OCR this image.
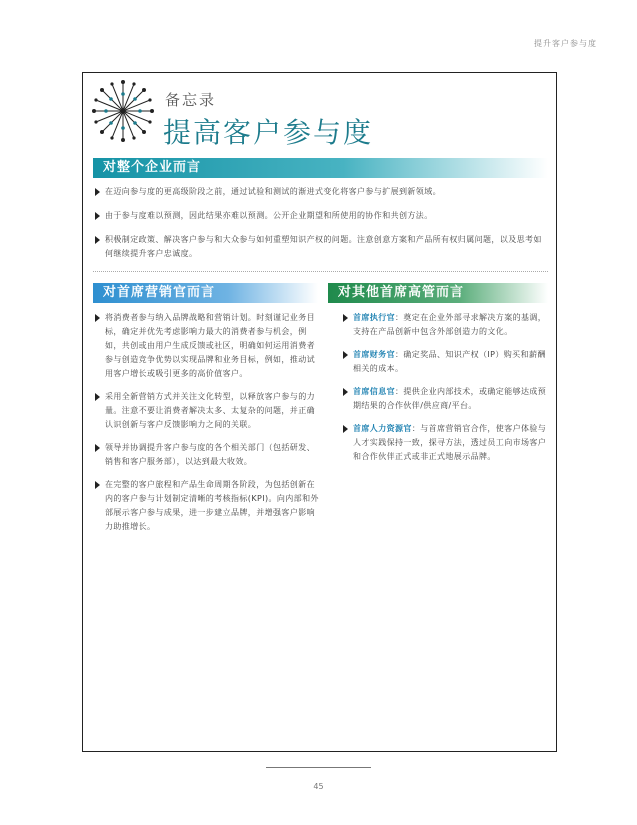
提升客户参与度
备忘录
提高客户参与度
对整个企业而言
在迈向参与度的更高级阶段之前，通过试验和测试的渐进式变化将客户参与扩展到新领域。
由于参与度难以预测，因此结果亦难以预测。公开企业期望和所使用的协作和共创方法。
积极制定政策、解决客户参与和大众参与如何重塑知识产权的问题。注意创意方案和产品所有权归属问题，以及思考如何继续提升客户忠诚度。
对首席营销官而言	对其他首席高管而言
将消费者参与纳入品牌战略和营销计划。时刻谨记业务目标，确定并优先考虑影响力最大的消费者参与机会，例如，共创或由用户生成反馈或社区，明确如何运用消费者参与创造竞争优势以实现品牌和业务目标，例如，推动试用客户增长或吸引更多的高价值客户。
采用全新营销方式并关注文化转型，以释放客户参与的力量。注意不要让消费者解决太多、太复杂的问题，并正确认识创新与客户反馈影响力之间的关联。
领导并协调提升客户参与度的各个相关部门（包括研发、销售和客户服务部），以达到最大收效。
在完整的客户旅程和产品生命周期各阶段，为包括创新在内的客户参与计划制定清晰的考核指标(KPI)。向内部和外部展示客户参与成果，进一步建立品牌，并增强客户影响力助推增长。
首席执行官：奠定在企业外部寻求解决方案的基调，支持在产品创新中包含外部创造力的文化。
首席财务官：确定奖品、知识产权（IP）购买和薪酬相关的成本。
首席信息官：提供企业内部技术，或确定能够达成预期结果的合作伙伴/供应商/平台。
首席人力资源官：与首席营销官合作，使客户体验与人才实践保持一致，探寻方法，透过员工向市场客户和合作伙伴正式或非正式地展示品牌。
45
